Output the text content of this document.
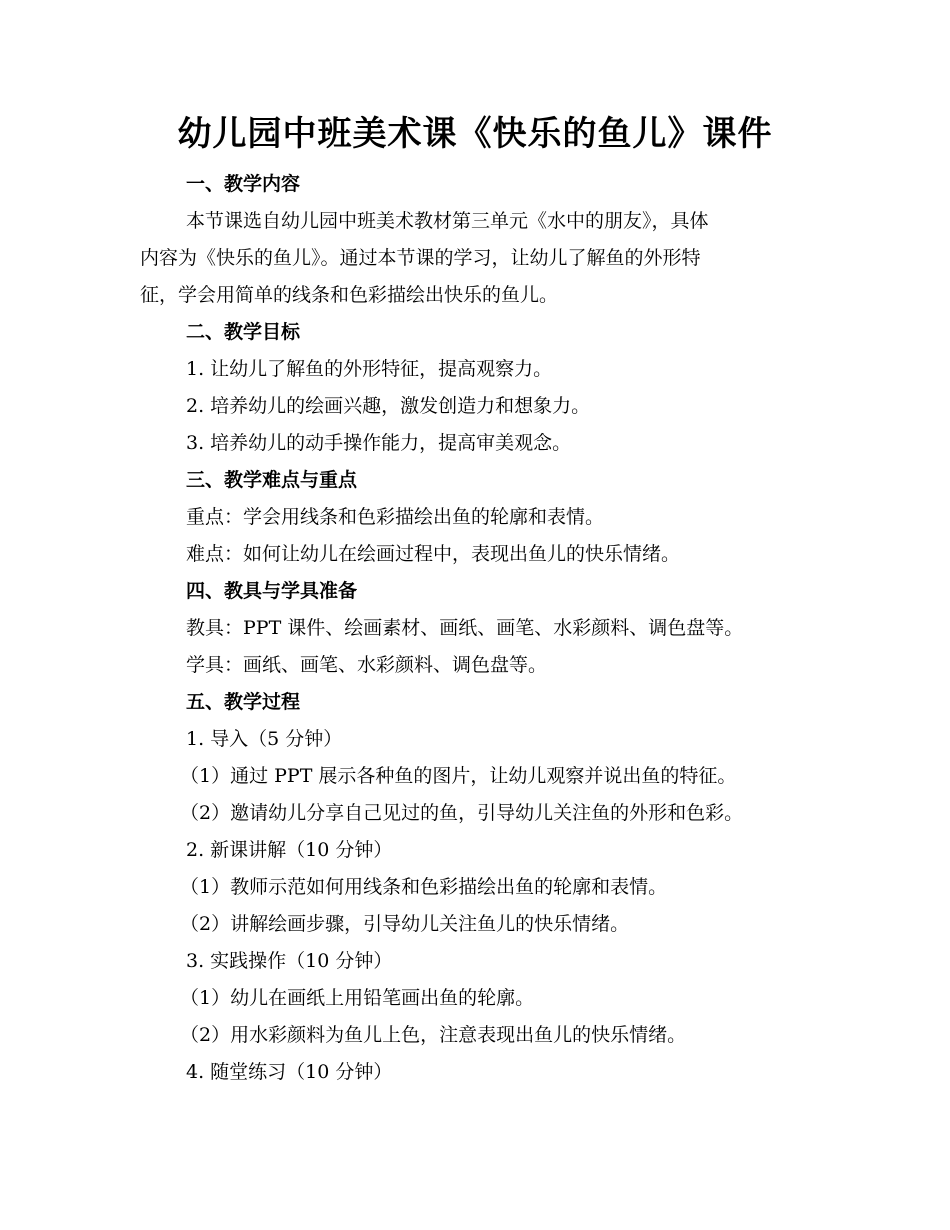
幼儿园中班美术课《快乐的鱼儿》课件

一、教学内容

本节课选自幼儿园中班美术教材第三单元《水中的朋友》，具体

内容为《快乐的鱼儿》。通过本节课的学习，让幼儿了解鱼的外形特

征，学会用简单的线条和色彩描绘出快乐的鱼儿。

二、教学目标

1. 让幼儿了解鱼的外形特征，提高观察力。

2. 培养幼儿的绘画兴趣，激发创造力和想象力。

3. 培养幼儿的动手操作能力，提高审美观念。

三、教学难点与重点

重点：学会用线条和色彩描绘出鱼的轮廓和表情。

难点：如何让幼儿在绘画过程中，表现出鱼儿的快乐情绪。

四、教具与学具准备

教具：PPT 课件、绘画素材、画纸、画笔、水彩颜料、调色盘等。

学具：画纸、画笔、水彩颜料、调色盘等。

五、教学过程

1. 导入（5 分钟）

（1）通过 PPT 展示各种鱼的图片，让幼儿观察并说出鱼的特征。

（2）邀请幼儿分享自己见过的鱼，引导幼儿关注鱼的外形和色彩。

2. 新课讲解（10 分钟）

（1）教师示范如何用线条和色彩描绘出鱼的轮廓和表情。

（2）讲解绘画步骤，引导幼儿关注鱼儿的快乐情绪。

3. 实践操作（10 分钟）

（1）幼儿在画纸上用铅笔画出鱼的轮廓。

（2）用水彩颜料为鱼儿上色，注意表现出鱼儿的快乐情绪。

4. 随堂练习（10 分钟）
